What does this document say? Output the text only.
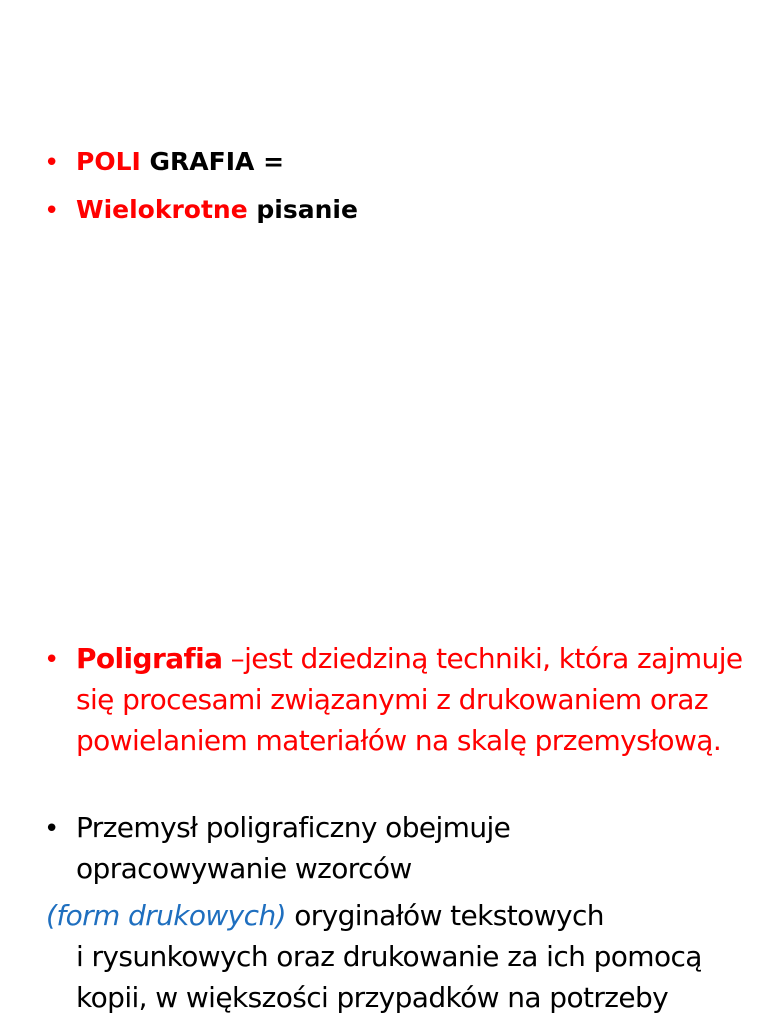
• POLI GRAFIA =
• Wielokrotne pisanie
• Poligrafia –jest dziedziną techniki, która zajmuje
się procesami związanymi z drukowaniem oraz
powielaniem materiałów na skalę przemysłową.
• Przemysł poligraficzny obejmuje
opracowywanie wzorców
(form drukowych) oryginałów tekstowych
i rysunkowych oraz drukowanie za ich pomocą
kopii, w większości przypadków na potrzeby
